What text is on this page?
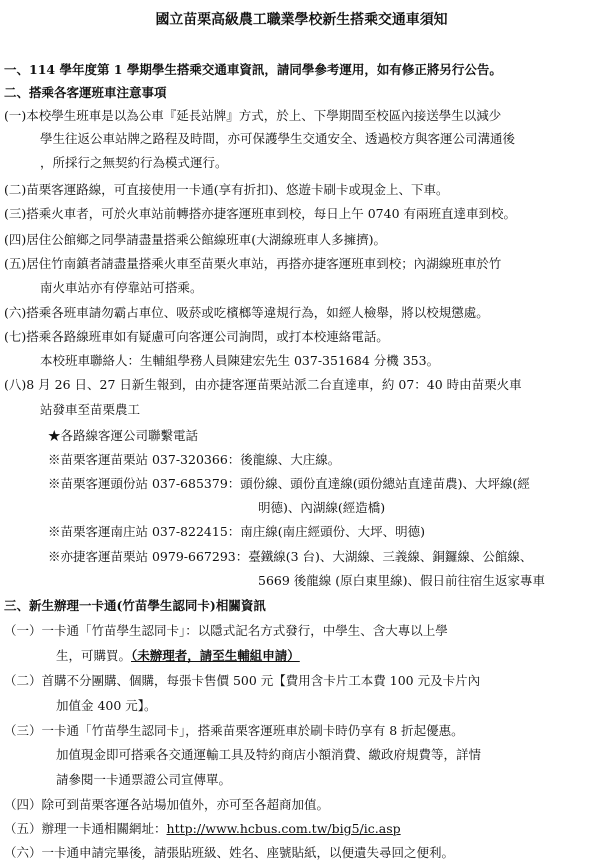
國立苗栗高級農工職業學校新生搭乘交通車須知
一、114 學年度第 1 學期學生搭乘交通車資訊，請同學參考運用，如有修正將另行公告。
二、搭乘各客運班車注意事項
(一)本校學生班車是以為公車『延長站牌』方式，於上、下學期間至校區內接送學生以減少
學生往返公車站牌之路程及時間，亦可保護學生交通安全、透過校方與客運公司溝通後
，所採行之無契約行為模式運行。
(二)苗栗客運路線，可直接使用一卡通(享有折扣)、悠遊卡刷卡或現金上、下車。
(三)搭乘火車者，可於火車站前轉搭亦捷客運班車到校，每日上午 0740 有兩班直達車到校。
(四)居住公館鄉之同學請盡量搭乘公館線班車(大湖線班車人多擁擠)。
(五)居住竹南鎮者請盡量搭乘火車至苗栗火車站，再搭亦捷客運班車到校；內湖線班車於竹
南火車站亦有停靠站可搭乘。
(六)搭乘各班車請勿霸占車位、吸菸或吃檳榔等違規行為，如經人檢舉，將以校規懲處。
(七)搭乘各路線班車如有疑慮可向客運公司詢問，或打本校連絡電話。
本校班車聯絡人：生輔組學務人員陳建宏先生 037-351684 分機 353。
(八)8 月 26 日、27 日新生報到，由亦捷客運苗栗站派二台直達車，約 07：40 時由苗栗火車
站發車至苗栗農工
★各路線客運公司聯繫電話
※苗栗客運苗栗站 037-320366：後龍線、大庄線。
※苗栗客運頭份站 037-685379：頭份線、頭份直達線(頭份總站直達苗農)、大坪線(經
明德)、內湖線(經造橋)
※苗栗客運南庄站 037-822415：南庄線(南庄經頭份、大坪、明德)
※亦捷客運苗栗站 0979-667293：臺鐵線(3 台)、大湖線、三義線、銅鑼線、公館線、
5669 後龍線 (原白東里線)、假日前往宿生返家專車
三、新生辦理一卡通(竹苗學生認同卡)相關資訊
（一）一卡通「竹苗學生認同卡」：以隱式記名方式發行，中學生、含大專以上學
生，可購買。（未辦理者，請至生輔組申請）
（二）首購不分團購、個購，每張卡售價 500 元【費用含卡片工本費 100 元及卡片內
加值金 400 元】。
（三）一卡通「竹苗學生認同卡」，搭乘苗栗客運班車於刷卡時仍享有 8 折起優惠。
加值現金即可搭乘各交通運輸工具及特約商店小額消費、繳政府規費等，詳情
請參閱一卡通票證公司宣傳單。
（四）除可到苗栗客運各站場加值外，亦可至各超商加值。
（五）辦理一卡通相關網址：http://www.hcbus.com.tw/big5/ic.asp
（六）一卡通申請完畢後，請張貼班級、姓名、座號貼紙，以便遺失尋回之便利。
